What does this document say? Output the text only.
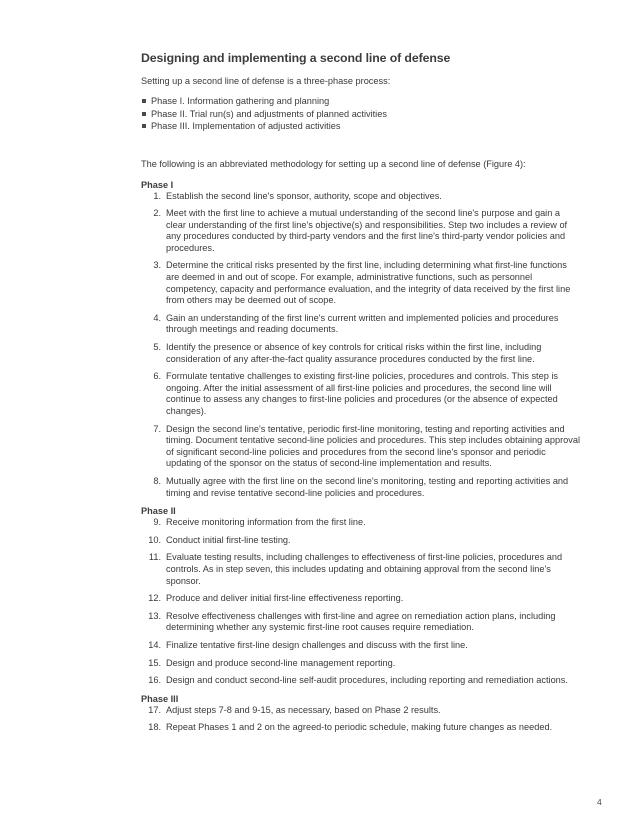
Designing and implementing a second line of defense

Setting up a second line of defense is a three-phase process:

Phase I. Information gathering and planning
Phase II. Trial run(s) and adjustments of planned activities
Phase III. Implementation of adjusted activities

The following is an abbreviated methodology for setting up a second line of defense (Figure 4):

Phase I
1. Establish the second line's sponsor, authority, scope and objectives.
2. Meet with the first line to achieve a mutual understanding of the second line's purpose and gain a clear understanding of the first line's objective(s) and responsibilities. Step two includes a review of any procedures conducted by third-party vendors and the first line's third-party vendor policies and procedures.
3. Determine the critical risks presented by the first line, including determining what first-line functions are deemed in and out of scope. For example, administrative functions, such as personnel competency, capacity and performance evaluation, and the integrity of data received by the first line from others may be deemed out of scope.
4. Gain an understanding of the first line's current written and implemented policies and procedures through meetings and reading documents.
5. Identify the presence or absence of key controls for critical risks within the first line, including consideration of any after-the-fact quality assurance procedures conducted by the first line.
6. Formulate tentative challenges to existing first-line policies, procedures and controls. This step is ongoing. After the initial assessment of all first-line policies and procedures, the second line will continue to assess any changes to first-line policies and procedures (or the absence of expected changes).
7. Design the second line's tentative, periodic first-line monitoring, testing and reporting activities and timing. Document tentative second-line policies and procedures. This step includes obtaining approval of significant second-line policies and procedures from the second line's sponsor and periodic updating of the sponsor on the status of second-line implementation and results.
8. Mutually agree with the first line on the second line's monitoring, testing and reporting activities and timing and revise tentative second-line policies and procedures.
Phase II
9. Receive monitoring information from the first line.
10. Conduct initial first-line testing.
11. Evaluate testing results, including challenges to effectiveness of first-line policies, procedures and controls. As in step seven, this includes updating and obtaining approval from the second line's sponsor.
12. Produce and deliver initial first-line effectiveness reporting.
13. Resolve effectiveness challenges with first-line and agree on remediation action plans, including determining whether any systemic first-line root causes require remediation.
14. Finalize tentative first-line design challenges and discuss with the first line.
15. Design and produce second-line management reporting.
16. Design and conduct second-line self-audit procedures, including reporting and remediation actions.
Phase III
17. Adjust steps 7-8 and 9-15, as necessary, based on Phase 2 results.
18. Repeat Phases 1 and 2 on the agreed-to periodic schedule, making future changes as needed.
4
